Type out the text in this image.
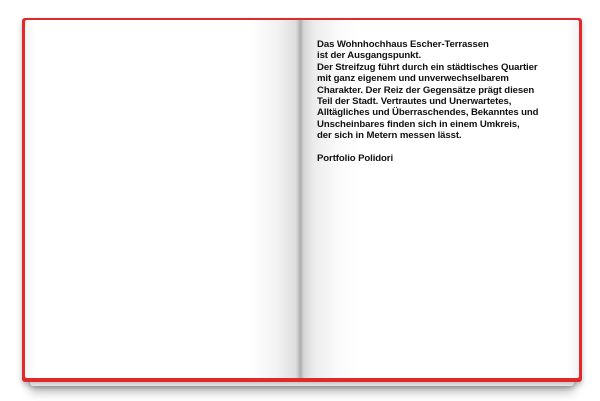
Das Wohnhochhaus Escher-Terrassen
ist der Ausgangspunkt.
Der Streifzug führt durch ein städtisches Quartier
mit ganz eigenem und unverwechselbarem
Charakter. Der Reiz der Gegensätze prägt diesen
Teil der Stadt. Vertrautes und Unerwartetes,
Alltägliches und Überraschendes, Bekanntes und
Unscheinbares finden sich in einem Umkreis,
der sich in Metern messen lässt.
Portfolio Polidori
